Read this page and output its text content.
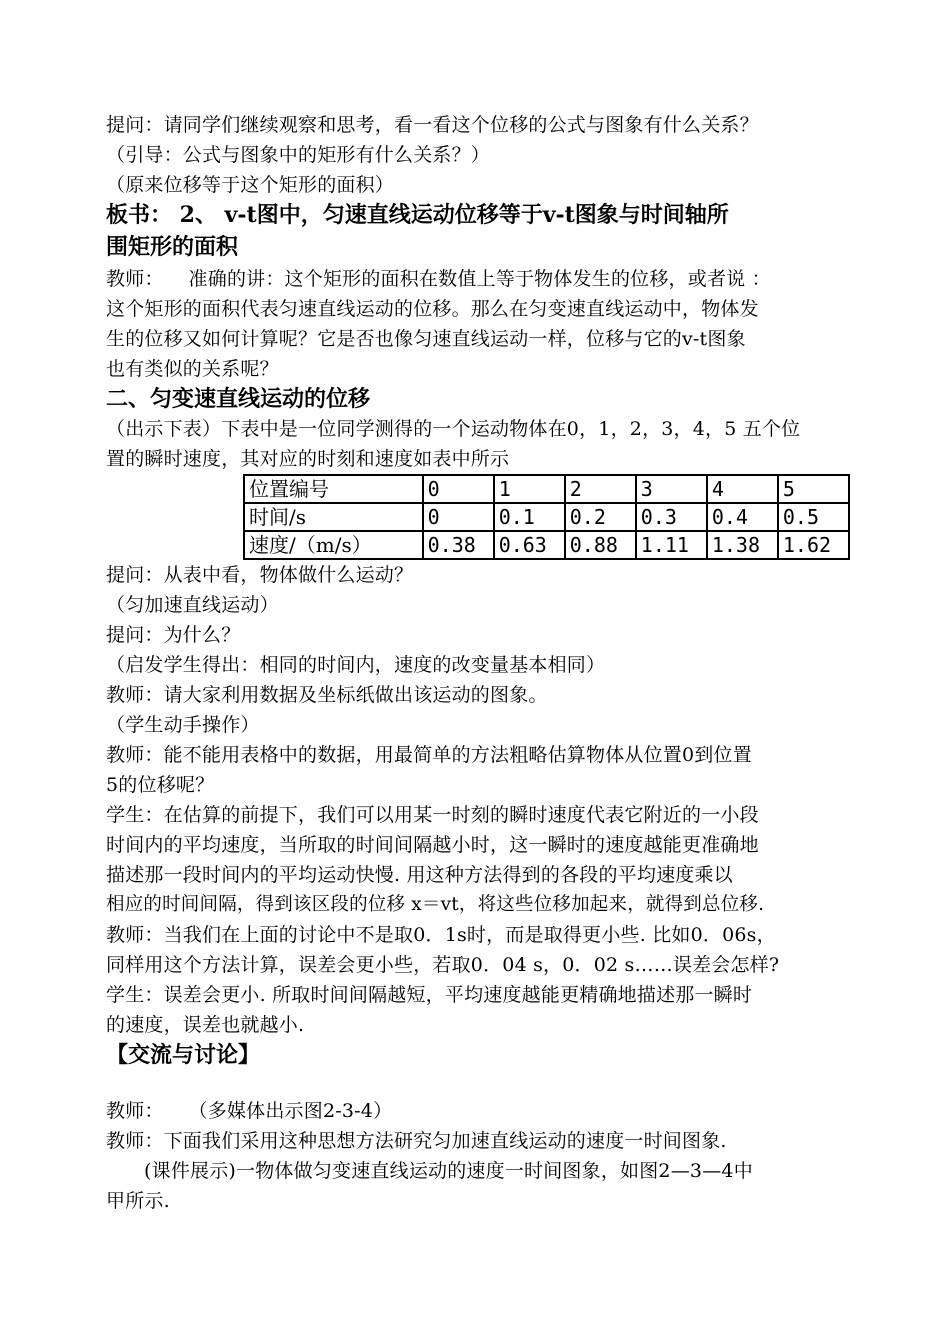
提问：请同学们继续观察和思考，看一看这个位移的公式与图象有什么关系？
（引导：公式与图象中的矩形有什么关系？）
（原来位移等于这个矩形的面积）
板书： 2、 v-t图中，匀速直线运动位移等于v-t图象与时间轴所
围矩形的面积
教师：    准确的讲：这个矩形的面积在数值上等于物体发生的位移，或者说 ：
这个矩形的面积代表匀速直线运动的位移。那么在匀变速直线运动中，物体发
生的位移又如何计算呢？它是否也像匀速直线运动一样，位移与它的v-t图象
也有类似的关系呢？
二、匀变速直线运动的位移
（出示下表）下表中是一位同学测得的一个运动物体在0，1，2，3，4，5 五个位
置的瞬时速度，其对应的时刻和速度如表中所示
位置编号	0	1	2	3	4	5
时间/s	0	0.1	0.2	0.3	0.4	0.5
速度/（m/s）	0.38	0.63	0.88	1.11	1.38	1.62
提问：从表中看，物体做什么运动？
（匀加速直线运动）
提问：为什么？
（启发学生得出：相同的时间内，速度的改变量基本相同）
教师：请大家利用数据及坐标纸做出该运动的图象。
（学生动手操作）
教师：能不能用表格中的数据，用最简单的方法粗略估算物体从位置0到位置
5的位移呢？
学生：在估算的前提下，我们可以用某一时刻的瞬时速度代表它附近的一小段
时间内的平均速度，当所取的时间间隔越小时，这一瞬时的速度越能更准确地
描述那一段时间内的平均运动快慢. 用这种方法得到的各段的平均速度乘以
相应的时间间隔，得到该区段的位移 x＝vt，将这些位移加起来，就得到总位移.
教师：当我们在上面的讨论中不是取0．1s时，而是取得更小些. 比如0．06s，
同样用这个方法计算，误差会更小些，若取0．04 s，0．02 s……误差会怎样?
学生：误差会更小. 所取时间间隔越短，平均速度越能更精确地描述那一瞬时
的速度，误差也就越小.
【交流与讨论】
教师：    （多媒体出示图2-3-4）
教师：下面我们采用这种思想方法研究匀加速直线运动的速度一时间图象.
(课件展示)一物体做匀变速直线运动的速度一时间图象，如图2—3—4中
甲所示.
